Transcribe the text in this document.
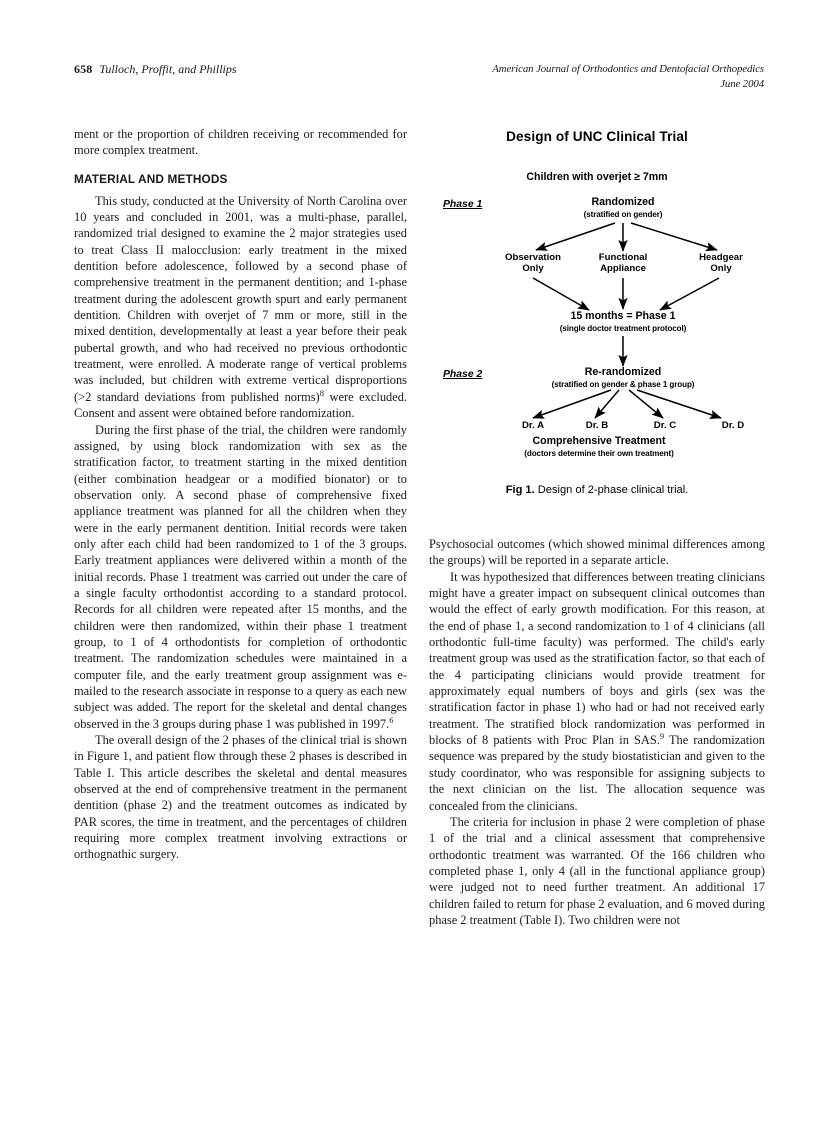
658 Tulloch, Proffit, and Phillips	American Journal of Orthodontics and Dentofacial Orthopedics
June 2004

ment or the proportion of children receiving or recommended for more complex treatment.

MATERIAL AND METHODS

This study, conducted at the University of North Carolina over 10 years and concluded in 2001, was a multi-phase, parallel, randomized trial designed to examine the 2 major strategies used to treat Class II malocclusion: early treatment in the mixed dentition before adolescence, followed by a second phase of comprehensive treatment in the permanent dentition; and 1-phase treatment during the adolescent growth spurt and early permanent dentition. Children with overjet of 7 mm or more, still in the mixed dentition, developmentally at least a year before their peak pubertal growth, and who had received no previous orthodontic treatment, were enrolled. A moderate range of vertical problems was included, but children with extreme vertical disproportions (>2 standard deviations from published norms)$^8$ were excluded. Consent and assent were obtained before randomization.

During the first phase of the trial, the children were randomly assigned, by using block randomization with sex as the stratification factor, to treatment starting in the mixed dentition (either combination headgear or a modified bionator) or to observation only. A second phase of comprehensive fixed appliance treatment was planned for all the children when they were in the early permanent dentition. Initial records were taken only after each child had been randomized to 1 of the 3 groups. Early treatment appliances were delivered within a month of the initial records. Phase 1 treatment was carried out under the care of a single faculty orthodontist according to a standard protocol. Records for all children were repeated after 15 months, and the children were then randomized, within their phase 1 treatment group, to 1 of 4 orthodontists for completion of orthodontic treatment. The randomization schedules were maintained in a computer file, and the early treatment group assignment was e-mailed to the research associate in response to a query as each new subject was added. The report for the skeletal and dental changes observed in the 3 groups during phase 1 was published in 1997.$^6$

The overall design of the 2 phases of the clinical trial is shown in Figure 1, and patient flow through these 2 phases is described in Table I. This article describes the skeletal and dental measures observed at the end of comprehensive treatment in the permanent dentition (phase 2) and the treatment outcomes as indicated by PAR scores, the time in treatment, and the percentages of children requiring more complex treatment involving extractions or orthognathic surgery.

Design of UNC Clinical Trial
Children with overjet ≥ 7mm
Phase 1	Randomized
(stratified on gender)
Observation
Only
Functional
Appliance
Headgear
Only
15 months = Phase 1
(single doctor treatment protocol)
Phase 2	Re-randomized
(stratified on gender & phase 1 group)
Dr. A	Dr. B	Dr. C	Dr. D
Comprehensive Treatment
(doctors determine their own treatment)
Fig 1. Design of 2-phase clinical trial.

Psychosocial outcomes (which showed minimal differences among the groups) will be reported in a separate article.

It was hypothesized that differences between treating clinicians might have a greater impact on subsequent clinical outcomes than would the effect of early growth modification. For this reason, at the end of phase 1, a second randomization to 1 of 4 clinicians (all orthodontic full-time faculty) was performed. The child's early treatment group was used as the stratification factor, so that each of the 4 participating clinicians would provide treatment for approximately equal numbers of boys and girls (sex was the stratification factor in phase 1) who had or had not received early treatment. The stratified block randomization was performed in blocks of 8 patients with Proc Plan in SAS.$^9$ The randomization sequence was prepared by the study biostatistician and given to the study coordinator, who was responsible for assigning subjects to the next clinician on the list. The allocation sequence was concealed from the clinicians.

The criteria for inclusion in phase 2 were completion of phase 1 of the trial and a clinical assessment that comprehensive orthodontic treatment was warranted. Of the 166 children who completed phase 1, only 4 (all in the functional appliance group) were judged not to need further treatment. An additional 17 children failed to return for phase 2 evaluation, and 6 moved during phase 2 treatment (Table I). Two children were not
